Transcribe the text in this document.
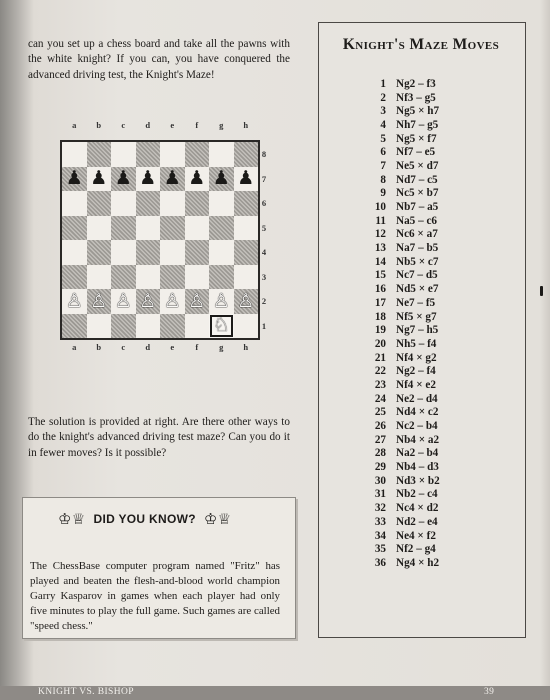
can you set up a chess board and take all the pawns with the white knight? If you can, you have conquered the advanced driving test, the Knight's Maze!

a	b	c	d	e	f	g	h
♟ ♟ ♟ ♟ ♟ ♟ ♟ ♟
♙ ♙ ♙ ♙ ♙ ♙ ♙ ♙
♘
8
7
6
5
4
3
2
1
a	b	c	d	e	f	g	h

The solution is provided at right. Are there other ways to do the knight's advanced driving test maze? Can you do it in fewer moves? Is it possible?

♔♕ DID YOU KNOW? ♔♕

The ChessBase computer program named "Fritz" has played and beaten the flesh-and-blood world champion Garry Kasparov in games when each player had only five minutes to play the full game. Such games are called "speed chess."

Knight's Maze Moves
1 Ng2 – f3
2 Nf3 – g5
3 Ng5 × h7
4 Nh7 – g5
5 Ng5 × f7
6 Nf7 – e5
7 Ne5 × d7
8 Nd7 – c5
9 Nc5 × b7
10 Nb7 – a5
11 Na5 – c6
12 Nc6 × a7
13 Na7 – b5
14 Nb5 × c7
15 Nc7 – d5
16 Nd5 × e7
17 Ne7 – f5
18 Nf5 × g7
19 Ng7 – h5
20 Nh5 – f4
21 Nf4 × g2
22 Ng2 – f4
23 Nf4 × e2
24 Ne2 – d4
25 Nd4 × c2
26 Nc2 – b4
27 Nb4 × a2
28 Na2 – b4
29 Nb4 – d3
30 Nd3 × b2
31 Nb2 – c4
32 Nc4 × d2
33 Nd2 – e4
34 Ne4 × f2
35 Nf2 – g4
36 Ng4 × h2
KNIGHT VS. BISHOP	39
